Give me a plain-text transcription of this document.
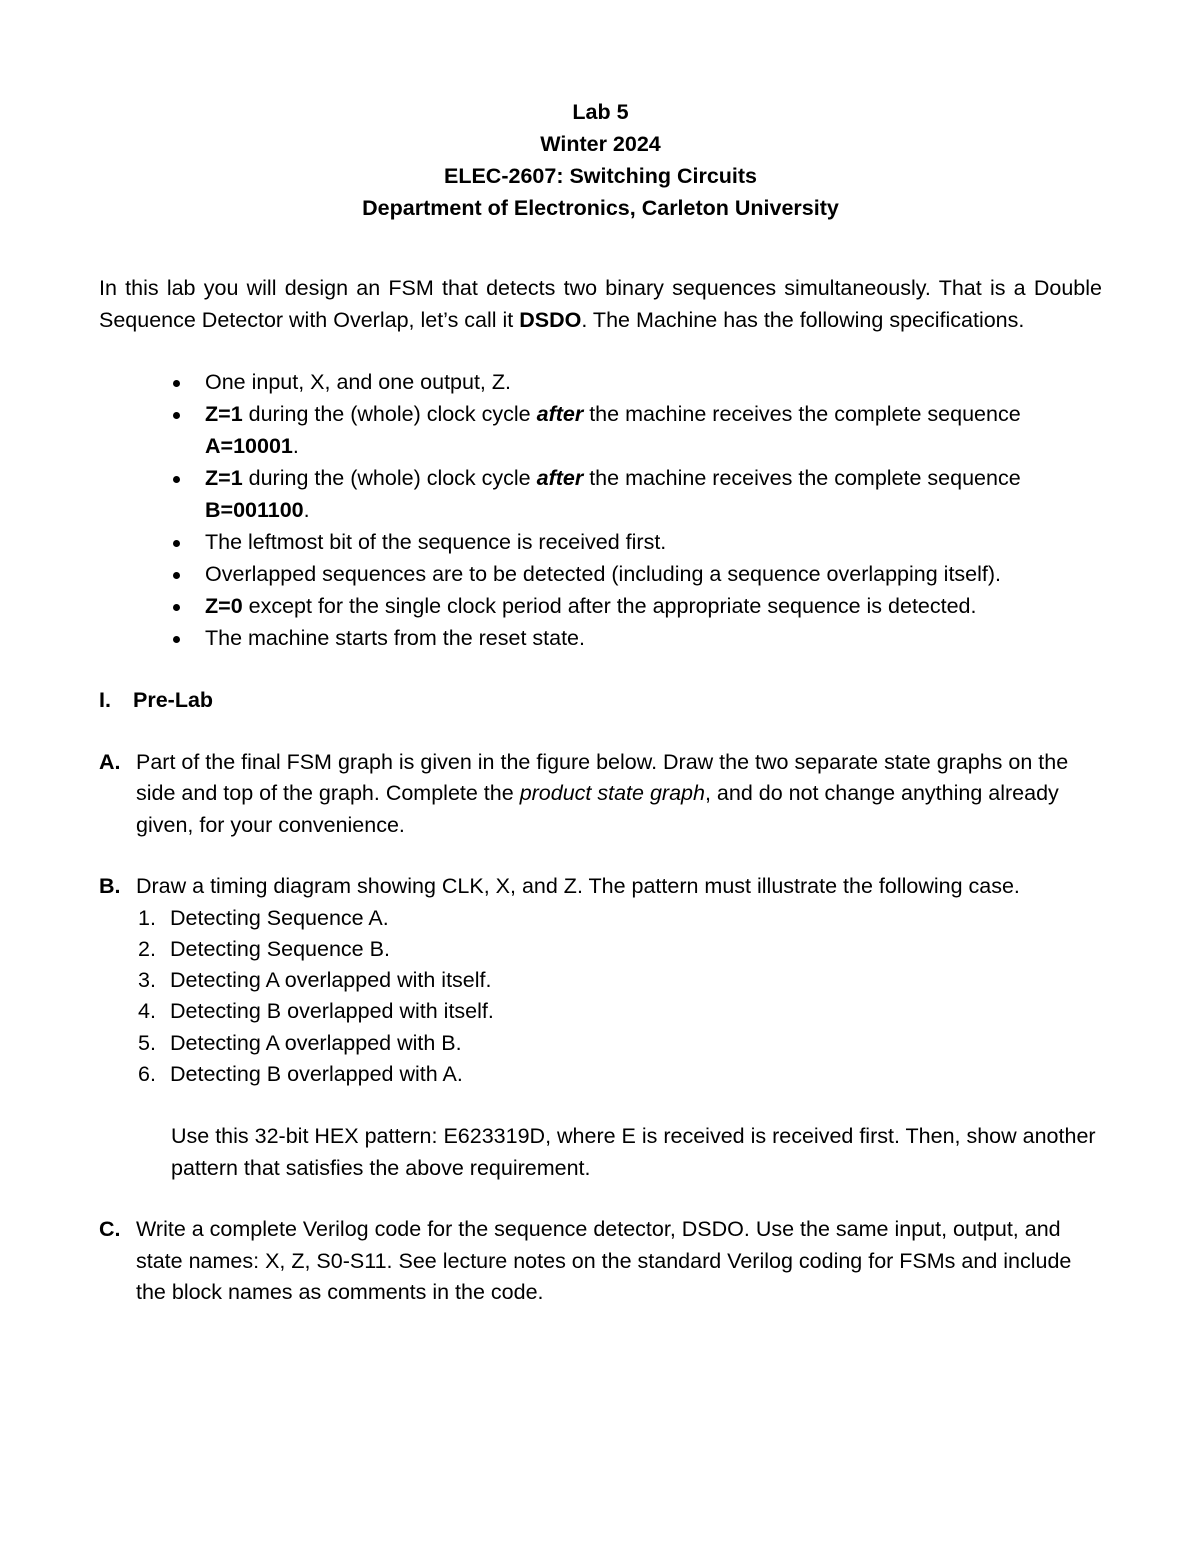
Lab 5
Winter 2024
ELEC-2607: Switching Circuits
Department of Electronics, Carleton University

In this lab you will design an FSM that detects two binary sequences simultaneously. That is a Double Sequence Detector with Overlap, let’s call it DSDO. The Machine has the following specifications.

One input, X, and one output, Z.
Z=1 during the (whole) clock cycle after the machine receives the complete sequence A=10001.
Z=1 during the (whole) clock cycle after the machine receives the complete sequence B=001100.
The leftmost bit of the sequence is received first.
Overlapped sequences are to be detected (including a sequence overlapping itself).
Z=0 except for the single clock period after the appropriate sequence is detected.
The machine starts from the reset state.
I.	Pre-Lab
A. Part of the final FSM graph is given in the figure below. Draw the two separate state graphs on the side and top of the graph. Complete the product state graph, and do not change anything already given, for your convenience.

B. Draw a timing diagram showing CLK, X, and Z. The pattern must illustrate the following case.

1. Detecting Sequence A.
2. Detecting Sequence B.
3. Detecting A overlapped with itself.
4. Detecting B overlapped with itself.
5. Detecting A overlapped with B.
6. Detecting B overlapped with A.

Use this 32-bit HEX pattern: E623319D, where E is received is received first. Then, show another pattern that satisfies the above requirement.

C. Write a complete Verilog code for the sequence detector, DSDO. Use the same input, output, and state names: X, Z, S0-S11. See lecture notes on the standard Verilog coding for FSMs and include the block names as comments in the code.
